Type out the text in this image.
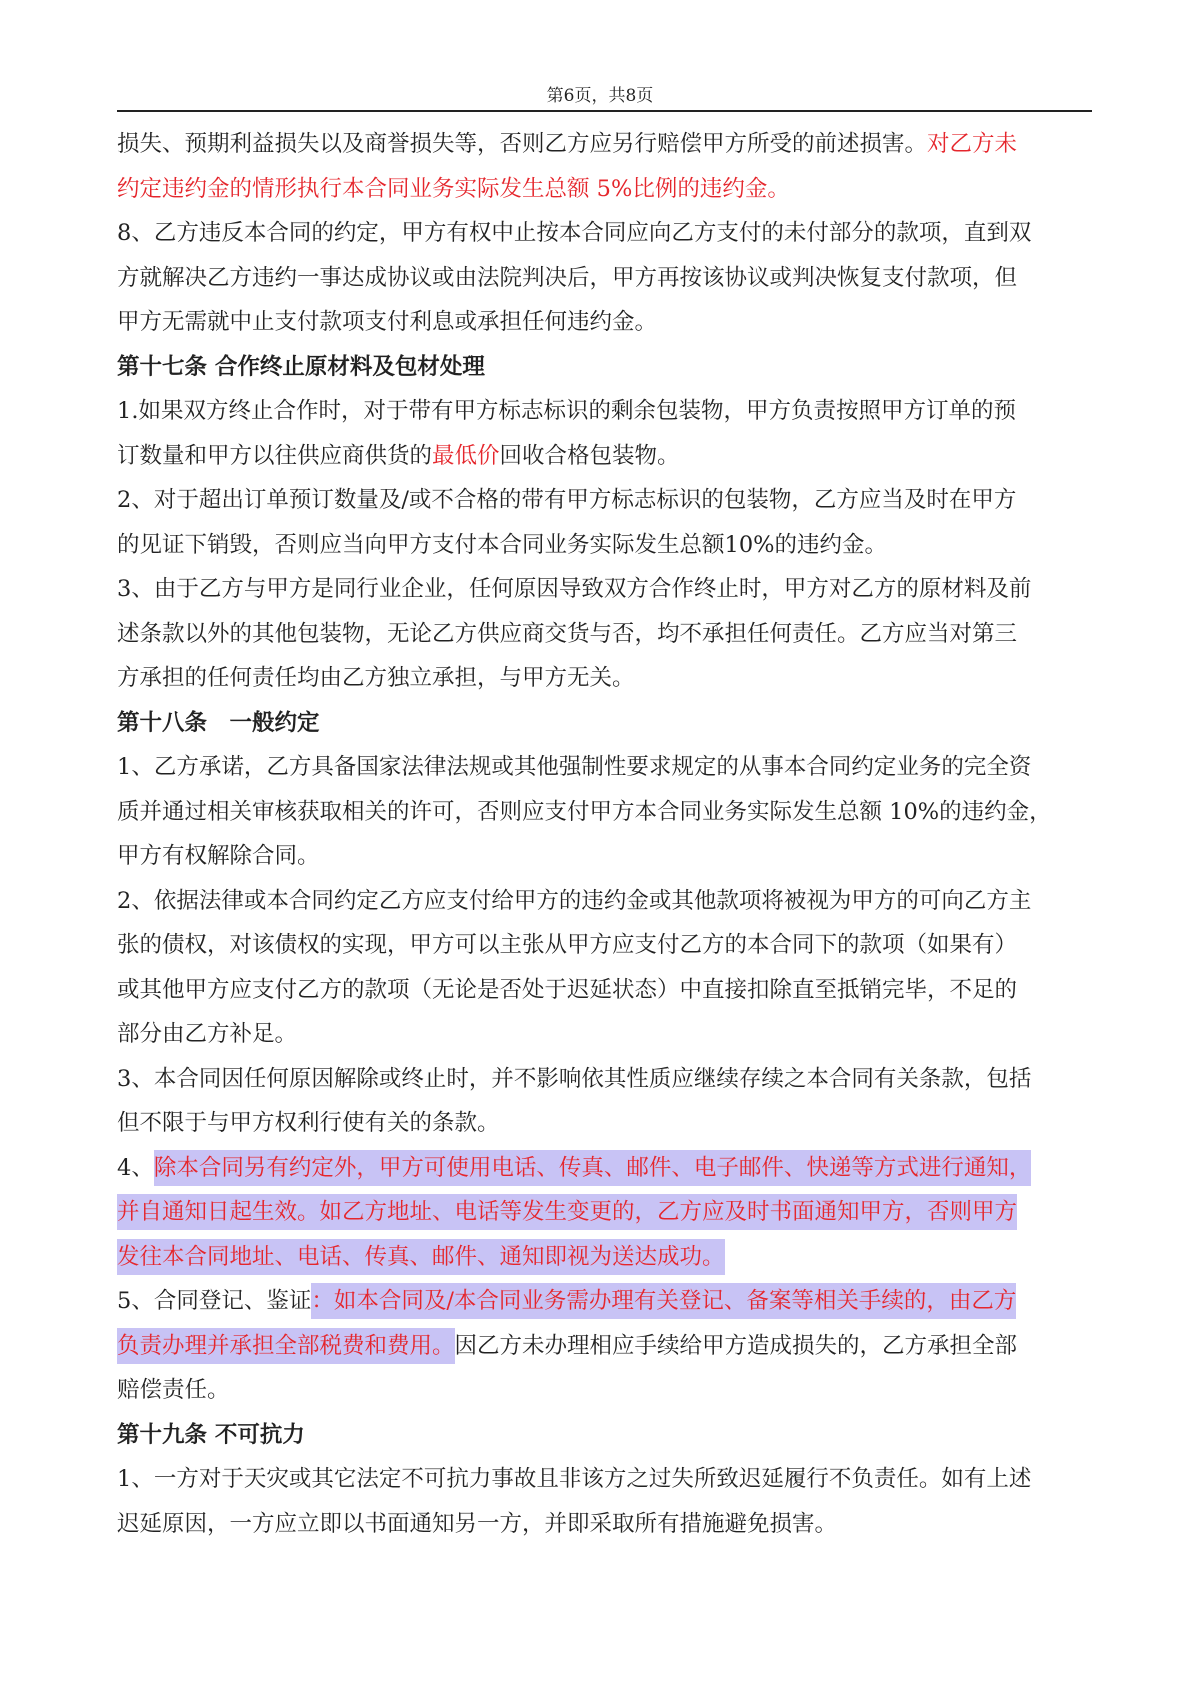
第6页，共8页
损失、预期利益损失以及商誉损失等，否则乙方应另行赔偿甲方所受的前述损害。对乙方未
约定违约金的情形执行本合同业务实际发生总额 5%比例的违约金。
8、乙方违反本合同的约定，甲方有权中止按本合同应向乙方支付的未付部分的款项，直到双
方就解决乙方违约一事达成协议或由法院判决后，甲方再按该协议或判决恢复支付款项，但
甲方无需就中止支付款项支付利息或承担任何违约金。
第十七条 合作终止原材料及包材处理
1.如果双方终止合作时，对于带有甲方标志标识的剩余包装物，甲方负责按照甲方订单的预
订数量和甲方以往供应商供货的最低价回收合格包装物。
2、对于超出订单预订数量及/或不合格的带有甲方标志标识的包装物，乙方应当及时在甲方
的见证下销毁，否则应当向甲方支付本合同业务实际发生总额10%的违约金。
3、由于乙方与甲方是同行业企业，任何原因导致双方合作终止时，甲方对乙方的原材料及前
述条款以外的其他包装物，无论乙方供应商交货与否，均不承担任何责任。乙方应当对第三
方承担的任何责任均由乙方独立承担，与甲方无关。
第十八条　一般约定
1、乙方承诺，乙方具备国家法律法规或其他强制性要求规定的从事本合同约定业务的完全资
质并通过相关审核获取相关的许可，否则应支付甲方本合同业务实际发生总额 10%的违约金，
甲方有权解除合同。
2、依据法律或本合同约定乙方应支付给甲方的违约金或其他款项将被视为甲方的可向乙方主
张的债权，对该债权的实现，甲方可以主张从甲方应支付乙方的本合同下的款项（如果有）
或其他甲方应支付乙方的款项（无论是否处于迟延状态）中直接扣除直至抵销完毕，不足的
部分由乙方补足。
3、本合同因任何原因解除或终止时，并不影响依其性质应继续存续之本合同有关条款，包括
但不限于与甲方权利行使有关的条款。
4、除本合同另有约定外，甲方可使用电话、传真、邮件、电子邮件、快递等方式进行通知，
并自通知日起生效。如乙方地址、电话等发生变更的，乙方应及时书面通知甲方，否则甲方
发往本合同地址、电话、传真、邮件、通知即视为送达成功。
5、合同登记、鉴证：如本合同及/本合同业务需办理有关登记、备案等相关手续的，由乙方
负责办理并承担全部税费和费用。因乙方未办理相应手续给甲方造成损失的，乙方承担全部
赔偿责任。
第十九条 不可抗力
1、一方对于天灾或其它法定不可抗力事故且非该方之过失所致迟延履行不负责任。如有上述
迟延原因，一方应立即以书面通知另一方，并即采取所有措施避免损害。
